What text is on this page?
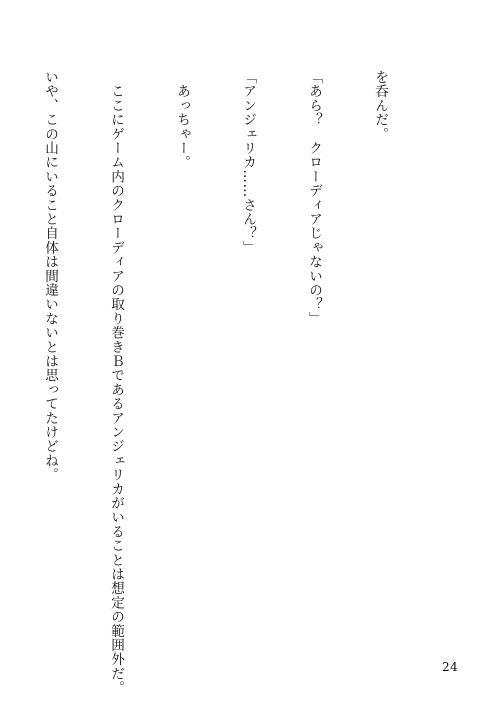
を呑んだ。

「あら？　クローディアじゃないの？」

「アンジェリカ……さん？」

　あっちゃー。

　ここにゲーム内のクローディアの取り巻きＢであるアンジェリカがいることは想定の範囲外だ。

いや、この山にいること自体は間違いないとは思ってたけどね。

24
